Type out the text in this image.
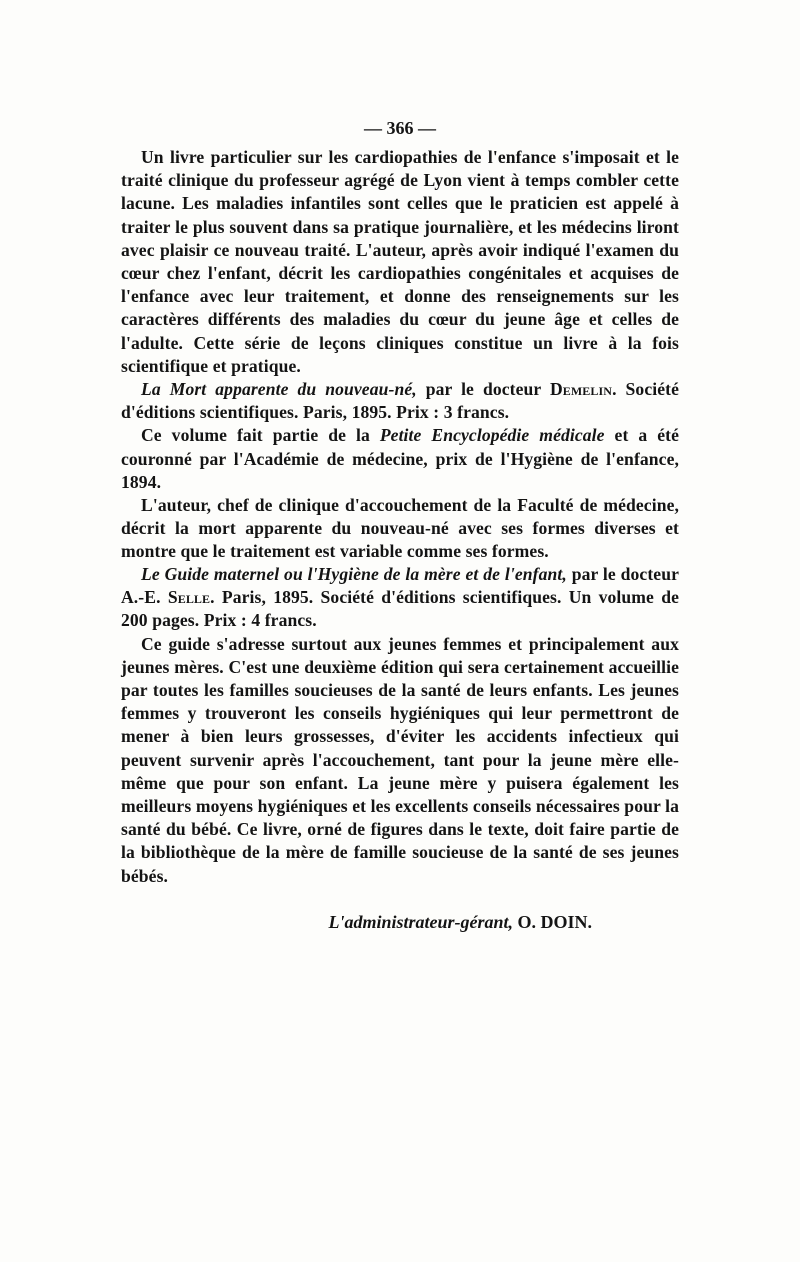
— 366 —

Un livre particulier sur les cardiopathies de l'enfance s'imposait et le traité clinique du professeur agrégé de Lyon vient à temps combler cette lacune. Les maladies infantiles sont celles que le praticien est appelé à traiter le plus souvent dans sa pratique journalière, et les médecins liront avec plaisir ce nouveau traité. L'auteur, après avoir indiqué l'examen du cœur chez l'enfant, décrit les cardiopathies congénitales et acquises de l'enfance avec leur traitement, et donne des renseignements sur les caractères différents des maladies du cœur du jeune âge et celles de l'adulte. Cette série de leçons cliniques constitue un livre à la fois scientifique et pratique.

La Mort apparente du nouveau-né, par le docteur Demelin. Société d'éditions scientifiques. Paris, 1895. Prix : 3 francs.

Ce volume fait partie de la Petite Encyclopédie médicale et a été couronné par l'Académie de médecine, prix de l'Hygiène de l'enfance, 1894.

L'auteur, chef de clinique d'accouchement de la Faculté de médecine, décrit la mort apparente du nouveau-né avec ses formes diverses et montre que le traitement est variable comme ses formes.

Le Guide maternel ou l'Hygiène de la mère et de l'enfant, par le docteur A.-E. Selle. Paris, 1895. Société d'éditions scientifiques. Un volume de 200 pages. Prix : 4 francs.

Ce guide s'adresse surtout aux jeunes femmes et principalement aux jeunes mères. C'est une deuxième édition qui sera certainement accueillie par toutes les familles soucieuses de la santé de leurs enfants. Les jeunes femmes y trouveront les conseils hygiéniques qui leur permettront de mener à bien leurs grossesses, d'éviter les accidents infectieux qui peuvent survenir après l'accouchement, tant pour la jeune mère elle-même que pour son enfant. La jeune mère y puisera également les meilleurs moyens hygiéniques et les excellents conseils nécessaires pour la santé du bébé. Ce livre, orné de figures dans le texte, doit faire partie de la bibliothèque de la mère de famille soucieuse de la santé de ses jeunes bébés.

L'administrateur-gérant, O. DOIN.
